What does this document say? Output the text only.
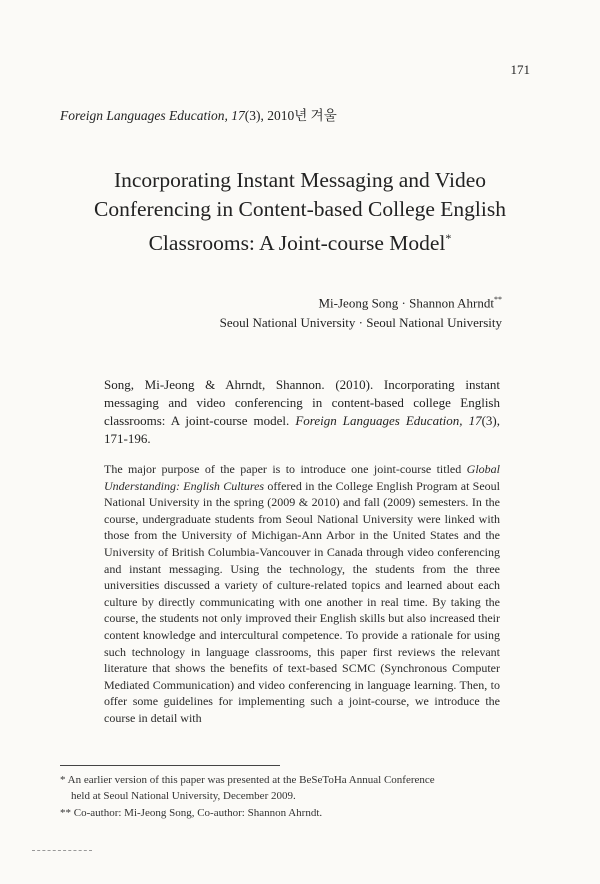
171
Foreign Languages Education, 17(3), 2010년 겨울
Incorporating Instant Messaging and Video
Conferencing in Content-based College English
Classrooms: A Joint-course Model*
Mi-Jeong Song · Shannon Ahrndt**
Seoul National University · Seoul National University
Song, Mi-Jeong & Ahrndt, Shannon. (2010). Incorporating instant messaging and video conferencing in content-based college English classrooms: A joint-course model. Foreign Languages Education, 17(3), 171-196.
The major purpose of the paper is to introduce one joint-course titled Global Understanding: English Cultures offered in the College English Program at Seoul National University in the spring (2009 & 2010) and fall (2009) semesters. In the course, undergraduate students from Seoul National University were linked with those from the University of Michigan-Ann Arbor in the United States and the University of British Columbia-Vancouver in Canada through video conferencing and instant messaging. Using the technology, the students from the three universities discussed a variety of culture-related topics and learned about each culture by directly communicating with one another in real time. By taking the course, the students not only improved their English skills but also increased their content knowledge and intercultural competence. To provide a rationale for using such technology in language classrooms, this paper first reviews the relevant literature that shows the benefits of text-based SCMC (Synchronous Computer Mediated Communication) and video conferencing in language learning. Then, to offer some guidelines for implementing such a joint-course, we introduce the course in detail with
* An earlier version of this paper was presented at the BeSeToHa Annual Conference
held at Seoul National University, December 2009.
** Co-author: Mi-Jeong Song, Co-author: Shannon Ahrndt.
